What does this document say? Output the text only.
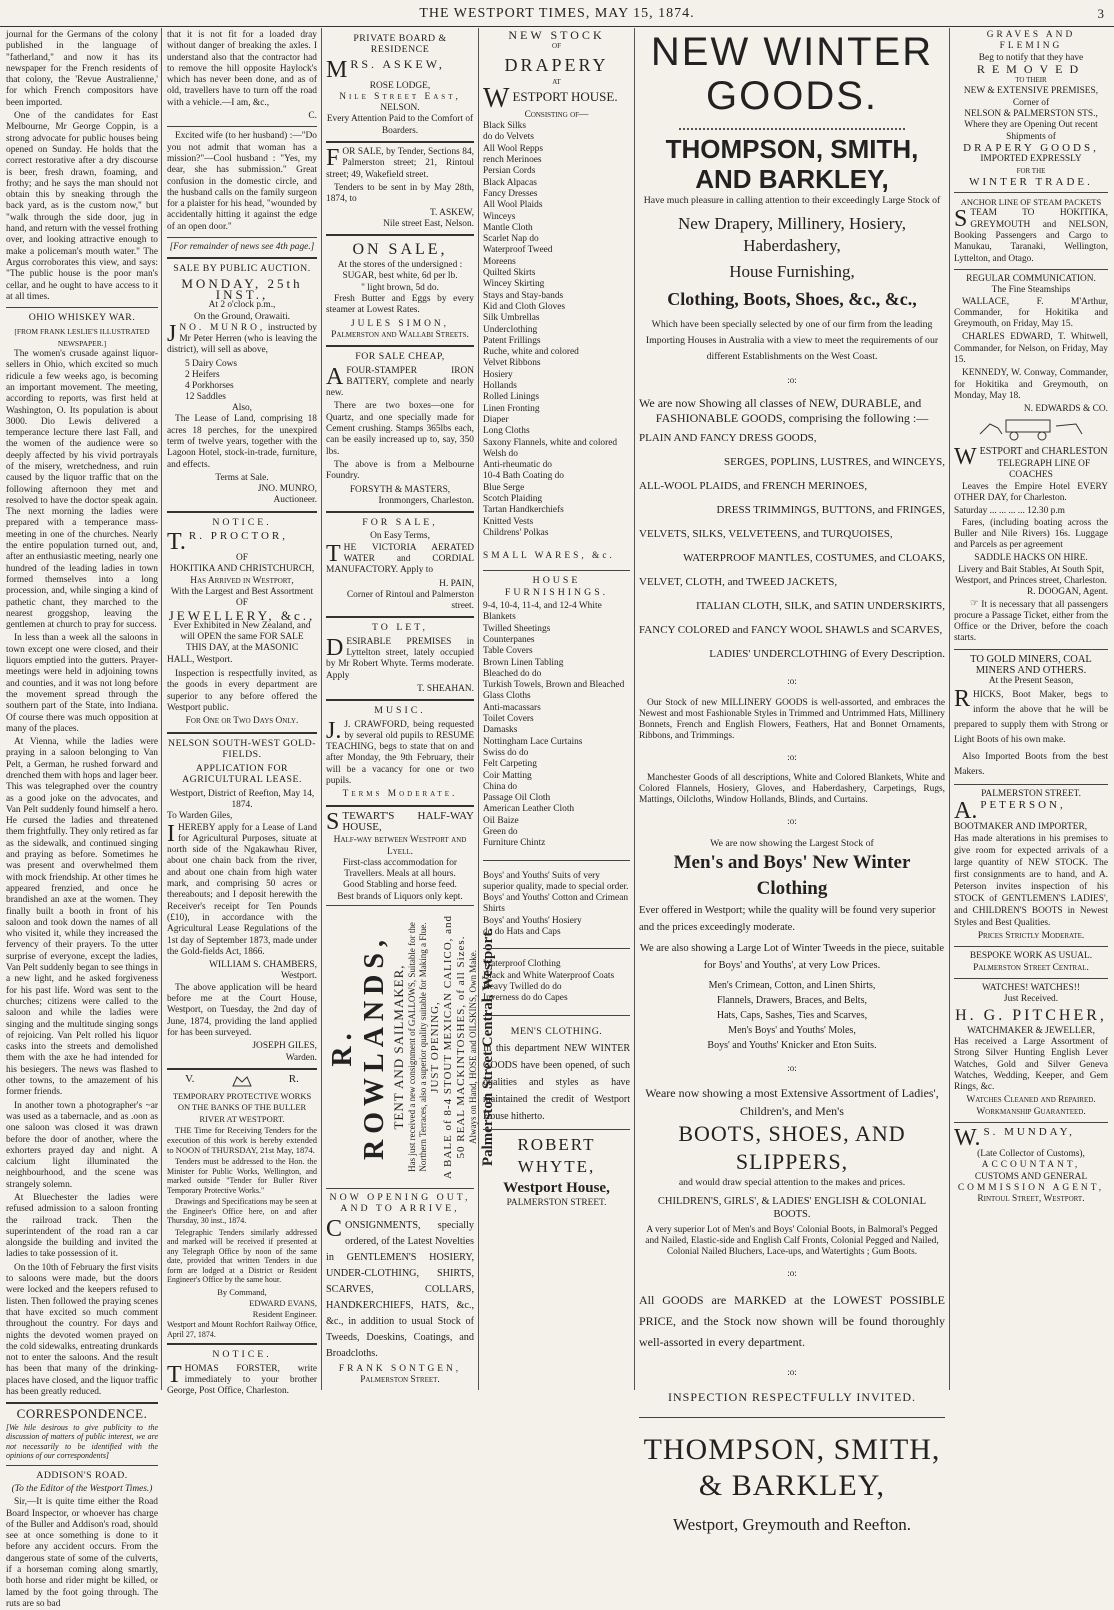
THE WESTPORT TIMES, MAY 15, 1874.	3

journal for the Germans of the colony published in the language of "fatherland," and now it has its newspaper for the French residents of that colony, the 'Revue Australienne,' for which French compositors have been imported.

One of the candidates for East Melbourne, Mr George Coppin, is a strong advocate for public houses being opened on Sunday. He holds that the correct restorative after a dry discourse is beer, fresh drawn, foaming, and frothy; and he says the man should not obtain this by sneaking through the back yard, as is the custom now," but "walk through the side door, jug in hand, and return with the vessel frothing over, and looking attractive enough to make a policeman's mouth water." The Argus corroborates this view, and says: "The public house is the poor man's cellar, and he ought to have access to it at all times.

OHIO WHISKEY WAR.
[FROM FRANK LESLIE'S ILLUSTRATED NEWSPAPER.]

The women's crusade against liquor-sellers in Ohio, which excited so much ridicule a few weeks ago, is becoming an important movement. The meeting, according to reports, was first held at Washington, O. Its population is about 3000. Dio Lewis delivered a temperance lecture there last Fall, and the women of the audience were so deeply affected by his vivid portrayals of the misery, wretchedness, and ruin caused by the liquor traffic that on the following afternoon they met and resolved to have the doctor speak again. The next morning the ladies were prepared with a temperance mass-meeting in one of the churches. Nearly the entire population turned out, and, after an enthusiastic meeting, nearly one hundred of the leading ladies in town formed themselves into a long procession, and, while singing a kind of pathetic chant, they marched to the nearest groggshop, leaving the gentlemen at church to pray for success.

In less than a week all the saloons in town except one were closed, and their liquors emptied into the gutters. Prayer-meetings were held in adjoining towns and counties, and it was not long before the movement spread through the southern part of the State, into Indiana. Of course there was much opposition at many of the places.

At Vienna, while the ladies were praying in a saloon belonging to Van Pelt, a German, he rushed forward and drenched them with hops and lager beer. This was telegraphed over the country as a good joke on the advocates, and Van Pelt suddenly found himself a hero. He cursed the ladies and threatened them frightfully. They only retired as far as the sidewalk, and continued singing and praying as before. Sometimes he was present and overwhelmed them with mock friendship. At other times he appeared frenzied, and once he brandished an axe at the women. They finally built a booth in front of his saloon and took down the names of all who visited it, while they increased the fervency of their prayers. To the utter surprise of everyone, except the ladies, Van Pelt suddenly began to see things in a new light, and he asked forgiveness for his past life. Word was sent to the churches; citizens were called to the saloon and while the ladies were singing and the multitude singing songs of rejoicing. Van Pelt rolled his liquor casks into the streets and demolished them with the axe he had intended for his besiegers. The news was flashed to other towns, to the amazement of his former friends.

In another town a photographer's ~ar was used as a tabernacle, and as .oon as one saloon was closed it was drawn before the door of another, where the exhorters prayed day and night. A calcium light illuminated the neighbourhood, and the scene was strangely solemn.

At Bluechester the ladies were refused admission to a saloon fronting the railroad track. Then the superintendent of the road ran a car alongside the building and invited the ladies to take possession of it.

On the 10th of February the first visits to saloons were made, but the doors were locked and the keepers refused to listen. Then followed the praying scenes that have excited so much comment throughout the country. For days and nights the devoted women prayed on the cold sidewalks, entreating drunkards not to enter the saloons. And the result has been that many of the drinking-places have closed, and the liquor traffic has been greatly reduced.

CORRESPONDENCE.

[We hile desirous to give publicity to the discussion of matters of public interest, we are not necessarily to be identified with the opinions of our correspondents]

ADDISON'S ROAD.

(To the Editor of the Westport Times.)

Sir,—It is quite time either the Road Board Inspector, or whoever has charge of the Buller and Addison's road, should see at once something is done to it before any accident occurs. From the dangerous state of some of the culverts, if a horseman coming along smartly, both horse and rider might be killed, or lamed by the foot going through. The ruts are so bad

that it is not fit for a loaded dray without danger of breaking the axles. I understand also that the contractor had to remove the hill opposite Haylock's which has never been done, and as of old, travellers have to turn off the road with a vehicle.—I am, &c.,

C.

Excited wife (to her husband) :—"Do you not admit that woman has a mission?"—Cool husband : "Yes, my dear, she has submission." Great confusion in the domestic circle, and the husband calls on the family surgeon for a plaister for his head, "wounded by accidentally hitting it against the edge of an open door."

[For remainder of news see 4th page.]

SALE BY PUBLIC AUCTION.
MONDAY, 25th INST.,
At 2 o'clock p.m.,
On the Ground, Orawaiti.

JNO. MUNRO, instructed by Mr Peter Herren (who is leaving the district), will sell as above,

5 Dairy Cows

2 Heifers

4 Porkhorses

12 Saddles

Also,

The Lease of Land, comprising 18 acres 18 perches, for the unexpired term of twelve years, together with the Lagoon Hotel, stock-in-trade, furniture, and effects.

Terms at Sale.
JNO. MUNRO,
Auctioneer.
NOTICE.

T. R. PROCTOR,

OF
HOKITIKA AND CHRISTCHURCH,
Has Arrived in Westport,
With the Largest and Best Assortment
OF
JEWELLERY, &c.,
Ever Exhibited in New Zealand, and
will OPEN the same FOR SALE
THIS DAY, at the MASONIC
HALL, Westport.

Inspection is respectfully invited, as the goods in every department are superior to any before offered the Westport public.

For One or Two Days Only.
NELSON SOUTH-WEST GOLD-FIELDS.
APPLICATION FOR AGRICULTURAL LEASE.
Westport, District of Reefton, May 14, 1874.
To Warden Giles,

IHEREBY apply for a Lease of Land for Agricultural Purposes, situate at north side of the Ngakawhau River, about one chain back from the river, and about one chain from high water mark, and comprising 50 acres or thereabouts; and I deposit herewith the Receiver's receipt for Ten Pounds (£10), in accordance with the Agricultural Lease Regulations of the 1st day of September 1873, made under the Gold-fields Act, 1866.

WILLIAM S. CHAMBERS,
Westport.

The above application will be heard before me at the Court House, Westport, on Tuesday, the 2nd day of June, 1874, providing the land applied for has been surveyed.

JOSEPH GILES,
Warden.
V.	R.
TEMPORARY PROTECTIVE WORKS ON THE BANKS OF THE BULLER RIVER AT WESTPORT.

THE Time for Receiving Tenders for the execution of this work is hereby extended to NOON of THURSDAY, 21st May, 1874.

Tenders must be addressed to the Hon. the Minister for Public Works, Wellington, and marked outside "Tender for Buller River Temporary Protective Works."

Drawings and Specifications may be seen at the Engineer's Office here, on and after Thursday, 30 inst., 1874.

Telegraphic Tenders similarly addressed and marked will be received if presented at any Telegraph Office by noon of the same date, provided that written Tenders in due form are lodged at a District or Resident Engineer's Office by the same hour.

By Command,
EDWARD EVANS,
Resident Engineer.

Westport and Mount Rochfort Railway Office, April 27, 1874.

NOTICE.

THOMAS FORSTER, write immediately to your brother George, Post Office, Charleston.

PRIVATE BOARD & RESIDENCE

MRS. ASKEW,

ROSE LODGE,
Nile Street East,
NELSON.
Every Attention Paid to the Comfort of Boarders.

FOR SALE, by Tender, Sections 84, Palmerston street; 21, Rintoul street; 49, Wakefield street.

Tenders to be sent in by May 28th, 1874, to

T. ASKEW,
Nile street East, Nelson.
ON SALE,
At the stores of the undersigned :
SUGAR, best white, 6d per lb.
" light brown, 5d do.

Fresh Butter and Eggs by every steamer at Lowest Rates.

JULES SIMON,
Palmerston and Wallabi Streets.
FOR SALE CHEAP,

AFOUR-STAMPER IRON BATTERY, complete and nearly new.

There are two boxes—one for Quartz, and one specially made for Cement crushing. Stamps 365lbs each, can be easily increased up to, say, 350 lbs.

The above is from a Melbourne Foundry.

FORSYTH & MASTERS,
Ironmongers, Charleston.
FOR SALE,
On Easy Terms,

THE VICTORIA AERATED WATER and CORDIAL MANUFACTORY. Apply to

H. PAIN,
Corner of Rintoul and Palmerston street.
TO LET,

DESIRABLE PREMISES in Lyttelton street, lately occupied by Mr Robert Whyte. Terms moderate. Apply

T. SHEAHAN.
MUSIC.

J. J. CRAWFORD, being requested by several old pupils to RESUME TEACHING, begs to state that on and after Monday, the 9th February, their will be a vacancy for one or two pupils.

Terms Moderate.

STEWART'S HALF-WAY HOUSE,

Half-way between Westport and Lyell.
First-class accommodation for Travellers. Meals at all hours.
Good Stabling and horse feed.
Best brands of Liquors only kept.
R. ROWLANDS, TENT AND SAILMAKER, Has just received a new consignment of GALLOWS, Suitable for the Northern Terraces, also a superior quality suitable for Making a Flue. JUST OPENING, A BALE of 8-4 STOUT MEXICAN CALICO, and 50 REAL MACKINTOSHES, of all Sizes. Always on Hand, HOSE and OILSKINS, Own Make. Palmerston Street Central, Westport.
NOW OPENING OUT, AND TO ARRIVE,

CONSIGNMENTS, specially ordered, of the Latest Novelties in GENTLEMEN'S HOSIERY, UNDER-CLOTHING, SHIRTS, SCARVES, COLLARS, HANDKERCHIEFS, HATS, &c., &c., in addition to usual Stock of Tweeds, Doeskins, Coatings, and Broadcloths.

FRANK SONTGEN,
Palmerston Street.
NEW STOCK
OF
DRAPERY
AT

WESTPORT HOUSE.

Consisting of—

Black Silks

do do Velvets

All Wool Repps

rench Merinoes

Persian Cords

Black Alpacas

Fancy Dresses

All Wool Plaids

Winceys

Mantle Cloth

Scarlet Nap do

Waterproof Tweed

Moreens

Quilted Skirts

Wincey Skirting

Stays and Stay-bands

Kid and Cloth Gloves

Silk Umbrellas

Underclothing

Patent Frillings

Ruche, white and colored

Velvet Ribbons

Hosiery

Hollands

Rolled Linings

Linen Fronting

Diaper

Long Cloths

Saxony Flannels, white and colored

Welsh do

Anti-rheumatic do

10-4 Bath Coating do

Blue Serge

Scotch Plaiding

Tartan Handkerchiefs

Knitted Vests

Childrens' Polkas

SMALL WARES, &c.
HOUSE FURNISHINGS.

9-4, 10-4, 11-4, and 12-4 White Blankets

Twilled Sheetings

Counterpanes

Table Covers

Brown Linen Tabling

Bleached do do

Turkish Towels, Brown and Bleached

Glass Cloths

Anti-macassars

Toilet Covers

Damasks

Nottingham Lace Curtains

Swiss do do

Felt Carpeting

Coir Matting

China do

Passage Oil Cloth

American Leather Cloth

Oil Baize

Green do

Furniture Chintz

Boys' and Youths' Suits of very superior quality, made to special order.

Boys' and Youths' Cotton and Crimean Shirts

Boys' and Youths' Hosiery

do do Hats and Caps

Waterproof Clothing

Black and White Waterproof Coats

Heavy Twilled do do

Inverness do do Capes

MEN'S CLOTHING.

In this department NEW WINTER GOODS have been opened, of such qualities and styles as have maintained the credit of Westport House hitherto.

ROBERT WHYTE,
Westport House,
PALMERSTON STREET.
NEW WINTER GOODS.
THOMPSON, SMITH, AND BARKLEY,
Have much pleasure in calling attention to their exceedingly Large Stock of
New Drapery, Millinery, Hosiery, Haberdashery,
House Furnishing,
Clothing, Boots, Shoes, &c., &c.,
Which have been specially selected by one of our firm from the leading Importing Houses in Australia with a view to meet the requirements of our different Establishments on the West Coast.
:o:
We are now Showing all classes of NEW, DURABLE, and
FASHIONABLE GOODS, comprising the following :—
PLAIN AND FANCY DRESS GOODS,
SERGES, POPLINS, LUSTRES, and WINCEYS,
ALL-WOOL PLAIDS, and FRENCH MERINOES,
DRESS TRIMMINGS, BUTTONS, and FRINGES,
VELVETS, SILKS, VELVETEENS, and TURQUOISES,
WATERPROOF MANTLES, COSTUMES, and CLOAKS,
VELVET, CLOTH, and TWEED JACKETS,
ITALIAN CLOTH, SILK, and SATIN UNDERSKIRTS,
FANCY COLORED and FANCY WOOL SHAWLS and SCARVES,
LADIES' UNDERCLOTHING of Every Description.
:o:

Our Stock of new MILLINERY GOODS is well-assorted, and embraces the Newest and most Fashionable Styles in Trimmed and Untrimmed Hats, Millinery Bonnets, French and English Flowers, Feathers, Hat and Bonnet Ornaments, Ribbons, and Trimmings.

:o:

Manchester Goods of all descriptions, White and Colored Blankets, White and Colored Flannels, Hosiery, Gloves, and Haberdashery, Carpetings, Rugs, Mattings, Oilcloths, Window Hollands, Blinds, and Curtains.

:o:
We are now showing the Largest Stock of
Men's and Boys' New Winter Clothing
Ever offered in Westport; while the quality will be found very superior and the prices exceedingly moderate.
We are also showing a Large Lot of Winter Tweeds in the piece, suitable for Boys' and Youths', at very Low Prices.
Men's Crimean, Cotton, and Linen Shirts,
Flannels, Drawers, Braces, and Belts,
Hats, Caps, Sashes, Ties and Scarves,
Men's Boys' and Youths' Moles,
Boys' and Youths' Knicker and Eton Suits.
:o:
Weare now showing a most Extensive Assortment of Ladies',
Children's, and Men's
BOOTS, SHOES, AND SLIPPERS,
and would draw special attention to the makes and prices.
CHILDREN'S, GIRLS', & LADIES' ENGLISH & COLONIAL BOOTS.
A very superior Lot of Men's and Boys' Colonial Boots, in Balmoral's Pegged and Nailed, Elastic-side and English Calf Fronts, Colonial Pegged and Nailed, Colonial Nailed Bluchers, Lace-ups, and Watertights ; Gum Boots.
:o:
All GOODS are MARKED at the LOWEST POSSIBLE PRICE, and the Stock now shown will be found thoroughly well-assorted in every department.
:o:
INSPECTION RESPECTFULLY INVITED.
THOMPSON, SMITH, & BARKLEY,
Westport, Greymouth and Reefton.
GRAVES AND FLEMING
Beg to notify that they have
REMOVED
TO THEIR
NEW & EXTENSIVE PREMISES,
Corner of
NELSON & PALMERSTON STS.,
Where they are Opening Out recent
Shipments of
DRAPERY GOODS,
IMPORTED EXPRESSLY
FOR THE
WINTER TRADE.
ANCHOR LINE OF STEAM PACKETS

STEAM TO HOKITIKA, GREYMOUTH and NELSON, Booking Passengers and Cargo to Manukau, Taranaki, Wellington, Lyttelton, and Otago.

REGULAR COMMUNICATION.
The Fine Steamships

WALLACE, F. M'Arthur, Commander, for Hokitika and Greymouth, on Friday, May 15.

CHARLES EDWARD, T. Whitwell, Commander, for Nelson, on Friday, May 15.

KENNEDY, W. Conway, Commander, for Hokitika and Greymouth, on Monday, May 18.

N. EDWARDS & CO.

WESTPORT and CHARLESTON

TELEGRAPH LINE OF COACHES

Leaves the Empire Hotel EVERY OTHER DAY, for Charleston.

Saturday ... ... ... ... 12.30 p.m

Fares, (including boating across the Buller and Nile Rivers) 16s. Luggage and Parcels as per agreement

SADDLE HACKS ON HIRE.
Livery and Bait Stables, At South Spit, Westport, and Princes street, Charleston.
R. DOOGAN, Agent.

☞ It is necessary that all passengers procure a Passage Ticket, either from the Office or the Driver, before the coach starts.

TO GOLD MINERS, COAL MINERS AND OTHERS.
At the Present Season,

RHICKS, Boot Maker, begs to inform the above that he will be prepared to supply them with Strong or Light Boots of his own make.

Also Imported Boots from the best Makers.

PALMERSTON STREET.

A. PETERSON,

BOOTMAKER AND IMPORTER,

Has made alterations in his premises to give room for expected arrivals of a large quantity of NEW STOCK. The first consignments are to hand, and A. Peterson invites inspection of his STOCK of GENTLEMEN'S LADIES', and CHILDREN'S BOOTS in Newest Styles and Best Qualities.

Prices Strictly Moderate.
BESPOKE WORK AS USUAL.
Palmerston Street Central.
WATCHES! WATCHES!!
Just Received.
H. G. PITCHER,
WATCHMAKER & JEWELLER,

Has received a Large Assortment of Strong Silver Hunting English Lever Watches, Gold and Silver Geneva Watches, Wedding, Keeper, and Gem Rings, &c.

Watches Cleaned and Repaired. Workmanship Guaranteed.

W. S. MUNDAY,

(Late Collector of Customs),
ACCOUNTANT,
CUSTOMS AND GENERAL
COMMISSION AGENT,
Rintoul Street, Westport.
